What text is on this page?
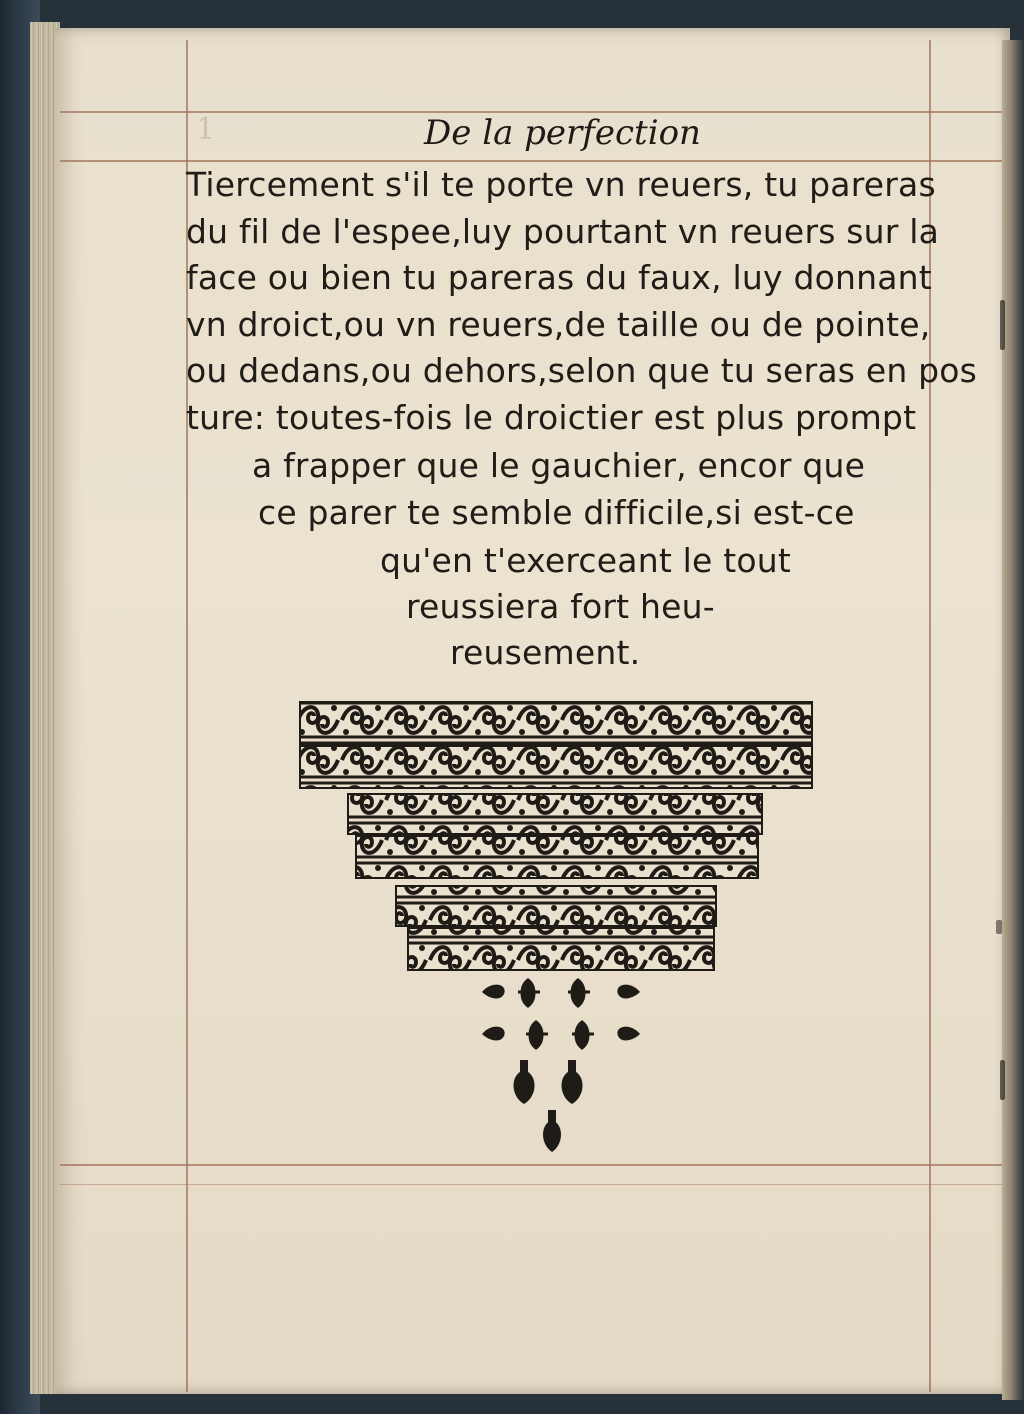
1	De la perfection
Tiercement s'il te porte vn reuers, tu pareras
du fil de l'espee,luy pourtant vn reuers sur la
face ou bien tu pareras du faux, luy donnant
vn droict,ou vn reuers,de taille ou de pointe,
ou dedans,ou dehors,selon que tu seras en pos
ture: toutes-fois le droictier est plus prompt
a frapper que le gauchier, encor que
ce parer te semble difficile,si est-ce
qu'en t'exerceant le tout
reussiera fort heu-
reusement.
